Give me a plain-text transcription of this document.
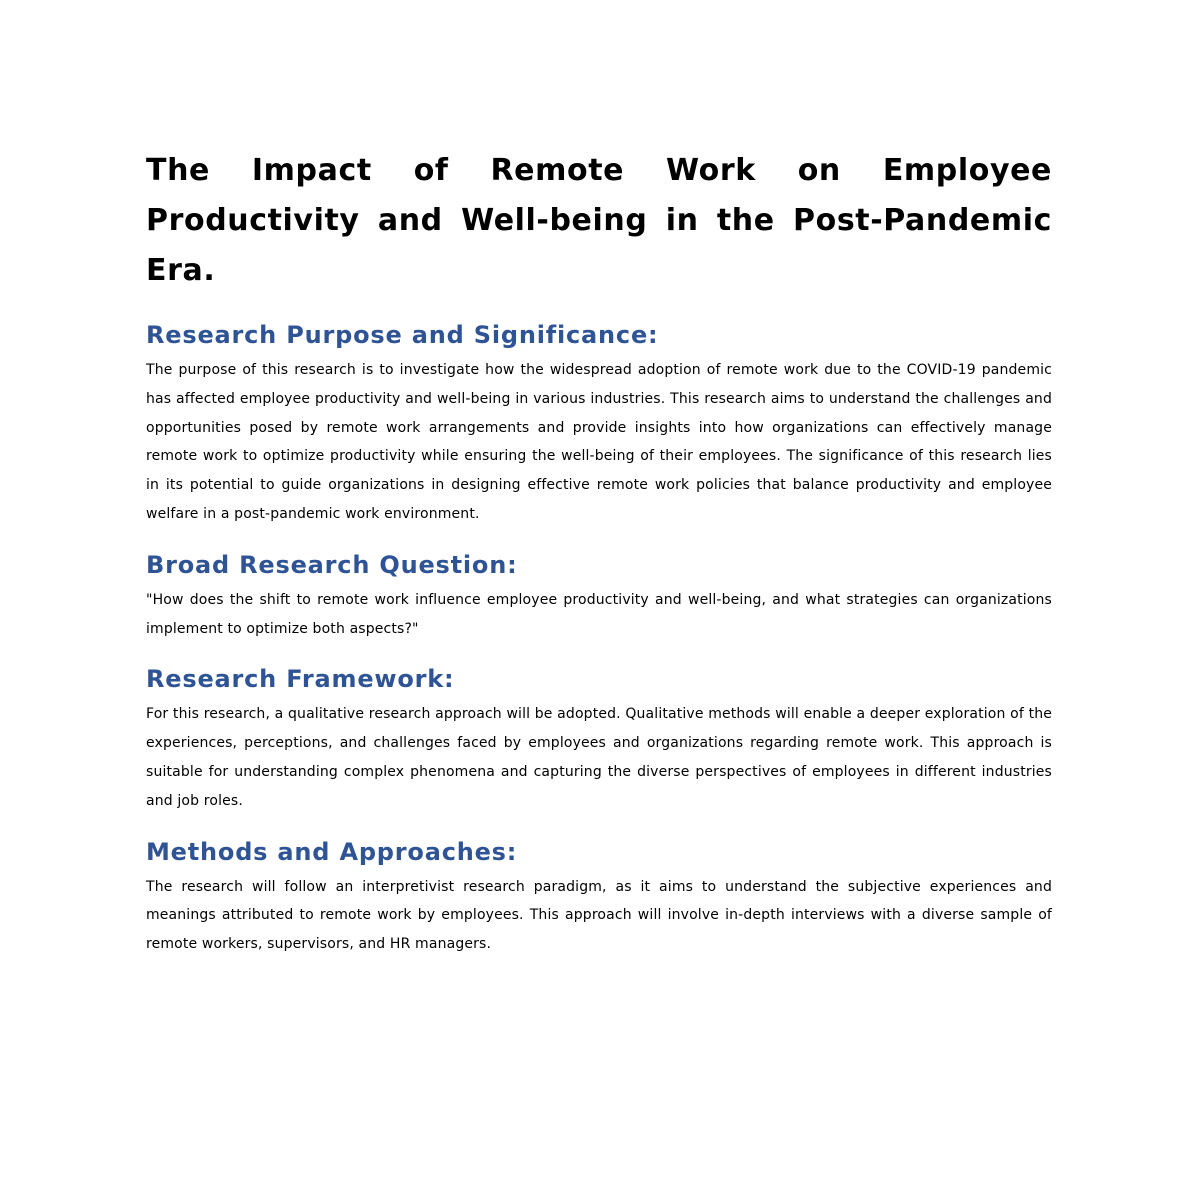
The Impact of Remote Work on Employee Productivity and Well-being in the Post-Pandemic Era.
Research Purpose and Significance:

The purpose of this research is to investigate how the widespread adoption of remote work due to the COVID-19 pandemic has affected employee productivity and well-being in various industries. This research aims to understand the challenges and opportunities posed by remote work arrangements and provide insights into how organizations can effectively manage remote work to optimize productivity while ensuring the well-being of their employees. The significance of this research lies in its potential to guide organizations in designing effective remote work policies that balance productivity and employee welfare in a post-pandemic work environment.

Broad Research Question:

"How does the shift to remote work influence employee productivity and well-being, and what strategies can organizations implement to optimize both aspects?"

Research Framework:

For this research, a qualitative research approach will be adopted. Qualitative methods will enable a deeper exploration of the experiences, perceptions, and challenges faced by employees and organizations regarding remote work. This approach is suitable for understanding complex phenomena and capturing the diverse perspectives of employees in different industries and job roles.

Methods and Approaches:

The research will follow an interpretivist research paradigm, as it aims to understand the subjective experiences and meanings attributed to remote work by employees. This approach will involve in-depth interviews with a diverse sample of remote workers, supervisors, and HR managers.
